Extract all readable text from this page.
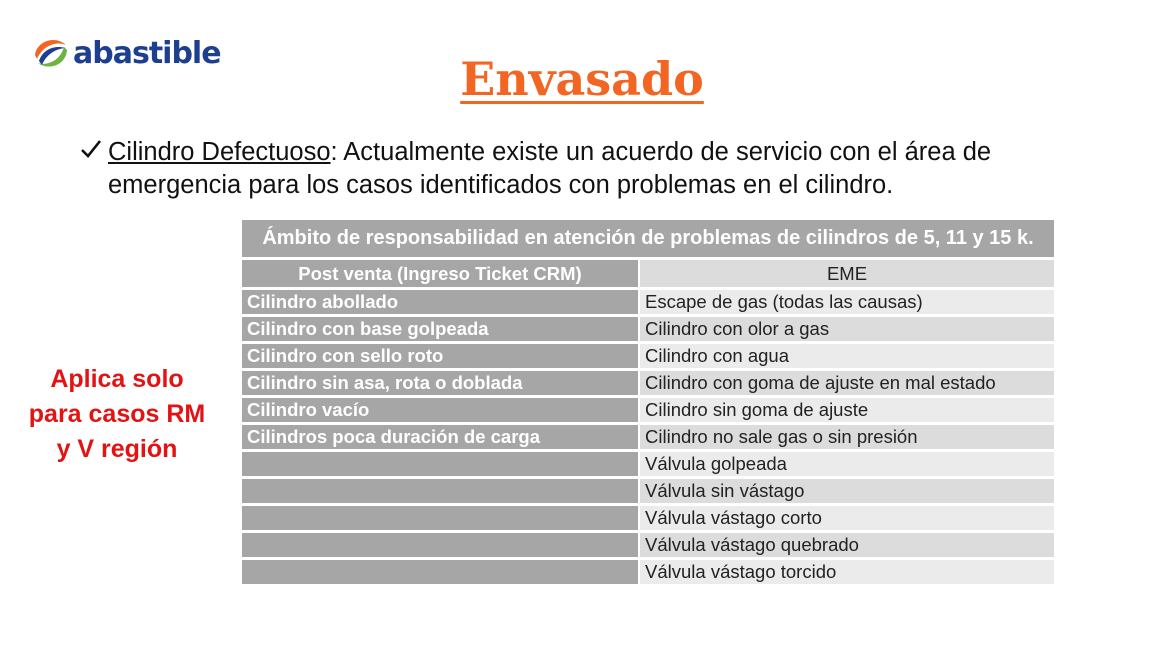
abastible	Envasado
Cilindro Defectuoso: Actualmente existe un acuerdo de servicio con el área de emergencia para los casos identificados con problemas en el cilindro.
Aplica solo
para casos RM
y V región
Ámbito de responsabilidad en atención de problemas de cilindros de 5, 11 y 15 k.	
Post venta (Ingreso Ticket CRM)	EME
Cilindro abollado	Escape de gas (todas las causas)
Cilindro con base golpeada	Cilindro con olor a gas
Cilindro con sello roto	Cilindro con agua
Cilindro sin asa, rota o doblada	Cilindro con goma de ajuste en mal estado
Cilindro vacío	Cilindro sin goma de ajuste
Cilindros poca duración de carga	Cilindro no sale gas o sin presión
	Válvula golpeada
	Válvula sin vástago
	Válvula vástago corto
	Válvula vástago quebrado
	Válvula vástago torcido
